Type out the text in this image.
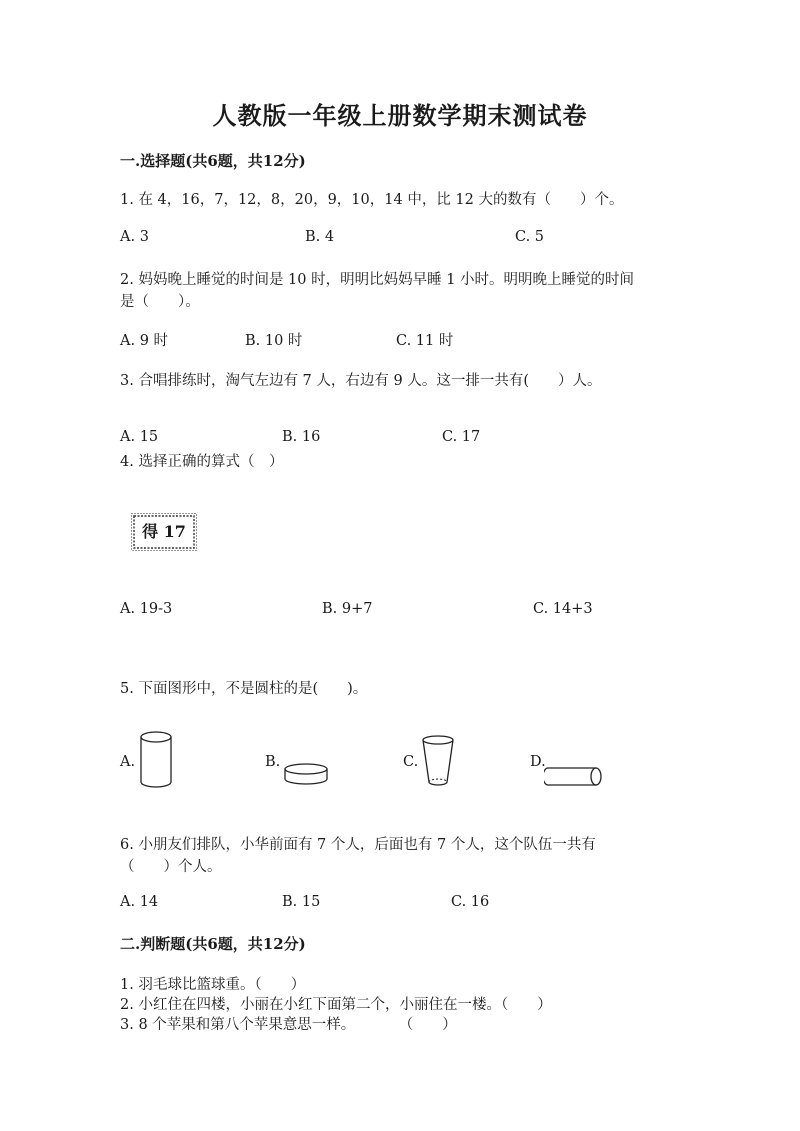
人教版一年级上册数学期末测试卷
一.选择题(共6题，共12分)
1. 在 4，16，7，12，8，20，9，10，14 中，比 12 大的数有（　　）个。
A. 3	B. 4	C. 5
2. 妈妈晚上睡觉的时间是 10 时，明明比妈妈早睡 1 小时。明明晚上睡觉的时间
是（　　）。
A. 9 时	B. 10 时	C. 11 时
3. 合唱排练时，淘气左边有 7 人，右边有 9 人。这一排一共有(　　）人。
A. 15	B. 16	C. 17
4. 选择正确的算式（　）
得 17
A. 19-3	B. 9+7	C. 14+3
5. 下面图形中，不是圆柱的是(　　)。
A.	B.	C.	D.
6. 小朋友们排队，小华前面有 7 个人，后面也有 7 个人，这个队伍一共有
（　　）个人。
A. 14	B. 15	C. 16
二.判断题(共6题，共12分)
1. 羽毛球比篮球重。（　　）
2. 小红住在四楼，小丽在小红下面第二个，小丽住在一楼。（　　）
3. 8 个苹果和第八个苹果意思一样。　　　　（　　）
